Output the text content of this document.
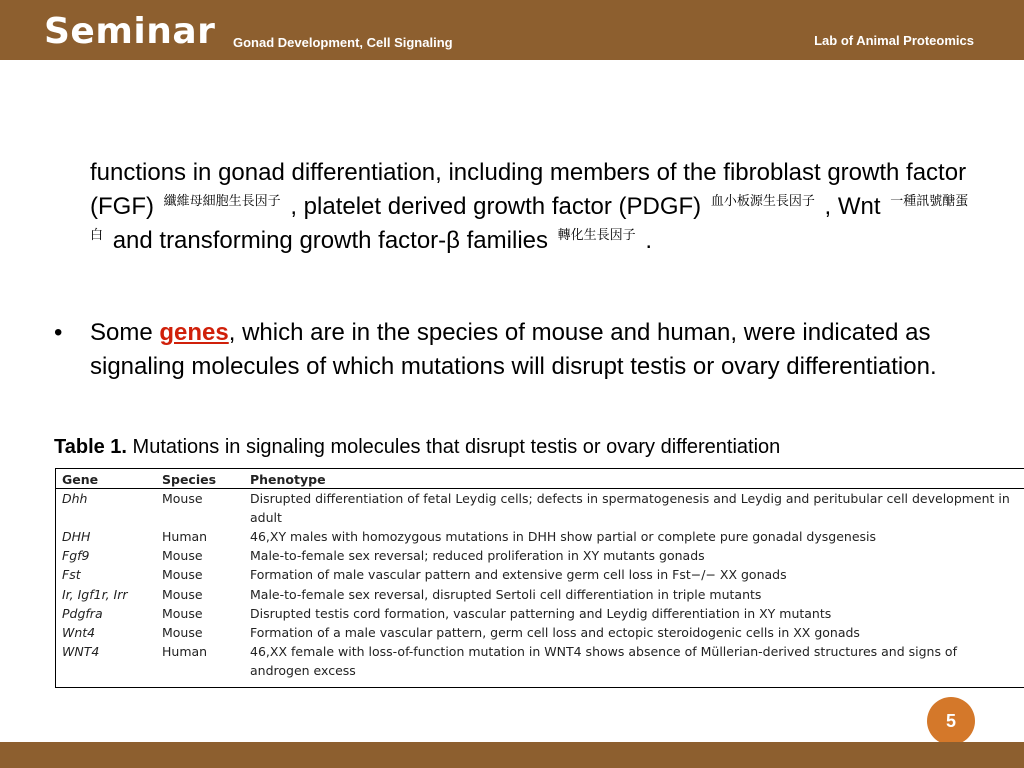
Seminar Gonad Development, Cell Signaling	Lab of Animal Proteomics
functions in gonad differentiation, including members of the fibroblast growth factor (FGF) $^{纖維母細胞生長因子}$ , platelet derived growth factor (PDGF) $^{血小板源生長因子}$ , Wnt $^{一種訊號醣蛋白}$ and transforming growth factor-β families $^{轉化生長因子}$ .
• Some genes, which are in the species of mouse and human, were indicated as signaling molecules of which mutations will disrupt testis or ovary differentiation.
Table 1. Mutations in signaling molecules that disrupt testis or ovary differentiation
Gene	Species	Phenotype
Dhh	Mouse	Disrupted differentiation of fetal Leydig cells; defects in spermatogenesis and Leydig and peritubular cell development in adult
DHH	Human	46,XY males with homozygous mutations in DHH show partial or complete pure gonadal dysgenesis
Fgf9	Mouse	Male-to-female sex reversal; reduced proliferation in XY mutants gonads
Fst	Mouse	Formation of male vascular pattern and extensive germ cell loss in Fst−/− XX gonads
Ir, Igf1r, Irr	Mouse	Male-to-female sex reversal, disrupted Sertoli cell differentiation in triple mutants
Pdgfra	Mouse	Disrupted testis cord formation, vascular patterning and Leydig differentiation in XY mutants
Wnt4	Mouse	Formation of a male vascular pattern, germ cell loss and ectopic steroidogenic cells in XX gonads
WNT4	Human	46,XX female with loss-of-function mutation in WNT4 shows absence of Müllerian-derived structures and signs of androgen excess
5
